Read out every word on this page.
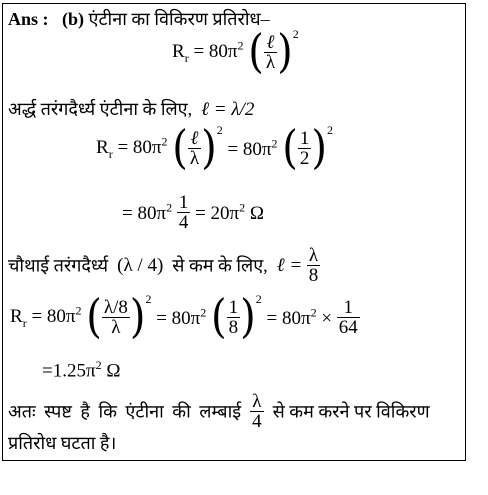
Ans : (b) एंटीना का विकिरण प्रतिरोध–
$R_r = 80\pi^2$ ( $\frac{\text{ℓ}}{\lambda} )^2$
अर्द्ध तरंगदैर्ध्य एंटीना के लिए, ℓ = λ/2
$R_r = 80\pi^2$ ( $\frac{\text{ℓ}}{\lambda} )^2 = 80\pi^2$ ( $\frac{1}{2} )^2$
= $80\pi^2 \frac{1}{4} = 20\pi^2$ Ω
चौथाई तरंगदैर्ध्य (λ / 4) से कम के लिए, ℓ = $\frac{\lambda}{8}$
$R_r = 80\pi^2$ ( $\frac{\lambda/8}{\lambda} )^2 = 80\pi^2$ ( $\frac{1}{8} )^2 = 80\pi^2 \times \frac{1}{64}$
$=1.25\pi^2$ Ω
अतः स्पष्ट है कि एंटीना की लम्बाई $\frac{\lambda}{4}$ से कम करने पर विकिरण
प्रतिरोध घटता है।
